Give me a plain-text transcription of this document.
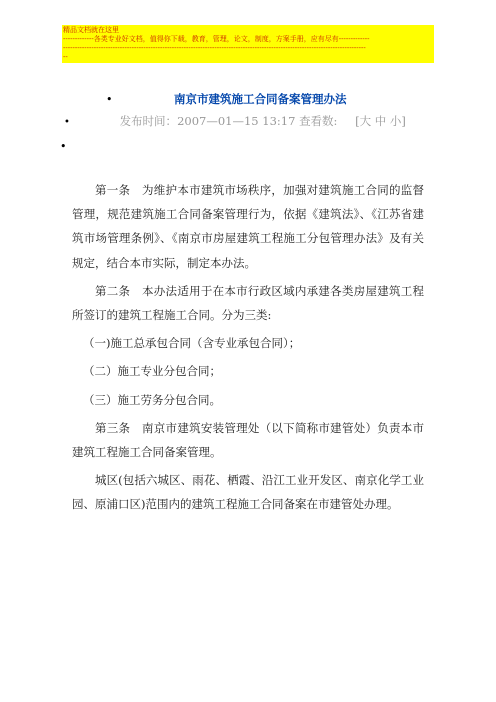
精品文档就在这里
-------------各类专业好文档，值得你下载，教育，管理，论文，制度，方案手册，应有尽有-------------
--------------------------------------------------------------------------------------------------------------------------------
--
•	南京市建筑施工合同备案管理办法
•	发布时间：2007—01—15 13:17 查看数: [大 中 小]
•

第一条　为维护本市建筑市场秩序，加强对建筑施工合同的监督管理，规范建筑施工合同备案管理行为，依据《建筑法》、《江苏省建筑市场管理条例》、《南京市房屋建筑工程施工分包管理办法》及有关规定，结合本市实际，制定本办法。

第二条　本办法适用于在本市行政区域内承建各类房屋建筑工程所签订的建筑工程施工合同。分为三类:

（一)施工总承包合同（含专业承包合同）；

（二）施工专业分包合同；

（三）施工劳务分包合同。

第三条　南京市建筑安装管理处（以下简称市建管处）负责本市建筑工程施工合同备案管理。

城区(包括六城区、雨花、栖霞、沿江工业开发区、南京化学工业园、原浦口区)范围内的建筑工程施工合同备案在市建管处办理。
